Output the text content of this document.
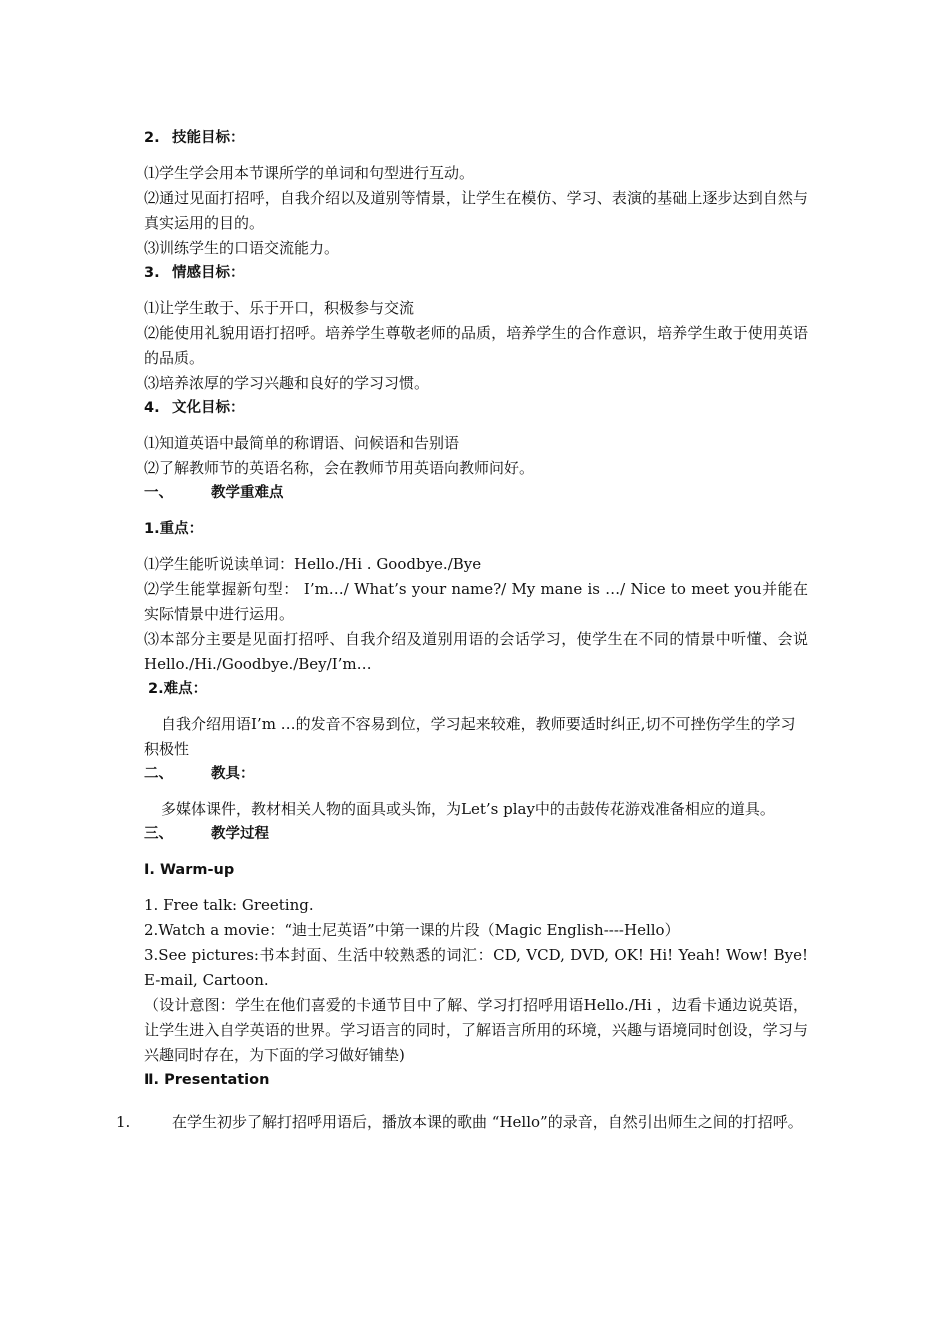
2. 技能目标：

⑴学生学会用本节课所学的单词和句型进行互动。

⑵通过见面打招呼，自我介绍以及道别等情景，让学生在模仿、学习、表演的基础上逐步达到自然与真实运用的目的。

⑶训练学生的口语交流能力。

3. 情感目标：

⑴让学生敢于、乐于开口，积极参与交流

⑵能使用礼貌用语打招呼。培养学生尊敬老师的品质，培养学生的合作意识，培养学生敢于使用英语的品质。

⑶培养浓厚的学习兴趣和良好的学习习惯。

4. 文化目标：

⑴知道英语中最简单的称谓语、问候语和告别语

⑵了解教师节的英语名称，会在教师节用英语向教师问好。

一、	教学重难点

1.重点：

⑴学生能听说读单词：Hello./Hi . Goodbye./Bye

⑵学生能掌握新句型： I’m…/ What’s your name?/ My mane is …/ Nice to meet you并能在实际情景中进行运用。

⑶本部分主要是见面打招呼、自我介绍及道别用语的会话学习，使学生在不同的情景中听懂、会说 Hello./Hi./Goodbye./Bey/I’m…

2.难点：

自我介绍用语I’m …的发音不容易到位，学习起来较难，教师要适时纠正,切不可挫伤学生的学习积极性

二、	教具：

多媒体课件，教材相关人物的面具或头饰，为Let’s play中的击鼓传花游戏准备相应的道具。

三、	教学过程

Ⅰ. Warm-up

1. Free talk: Greeting.

2.Watch a movie：“迪士尼英语”中第一课的片段（Magic English----Hello）

3.See pictures:书本封面、生活中较熟悉的词汇：CD, VCD, DVD, OK! Hi! Yeah! Wow! Bye! E-mail, Cartoon.

（设计意图：学生在他们喜爱的卡通节目中了解、学习打招呼用语Hello./Hi ，边看卡通边说英语，让学生进入自学英语的世界。学习语言的同时，了解语言所用的环境，兴趣与语境同时创设，学习与兴趣同时存在，为下面的学习做好铺垫)

Ⅱ. Presentation

1.	在学生初步了解打招呼用语后，播放本课的歌曲 “Hello”的录音，自然引出师生之间的打招呼。
